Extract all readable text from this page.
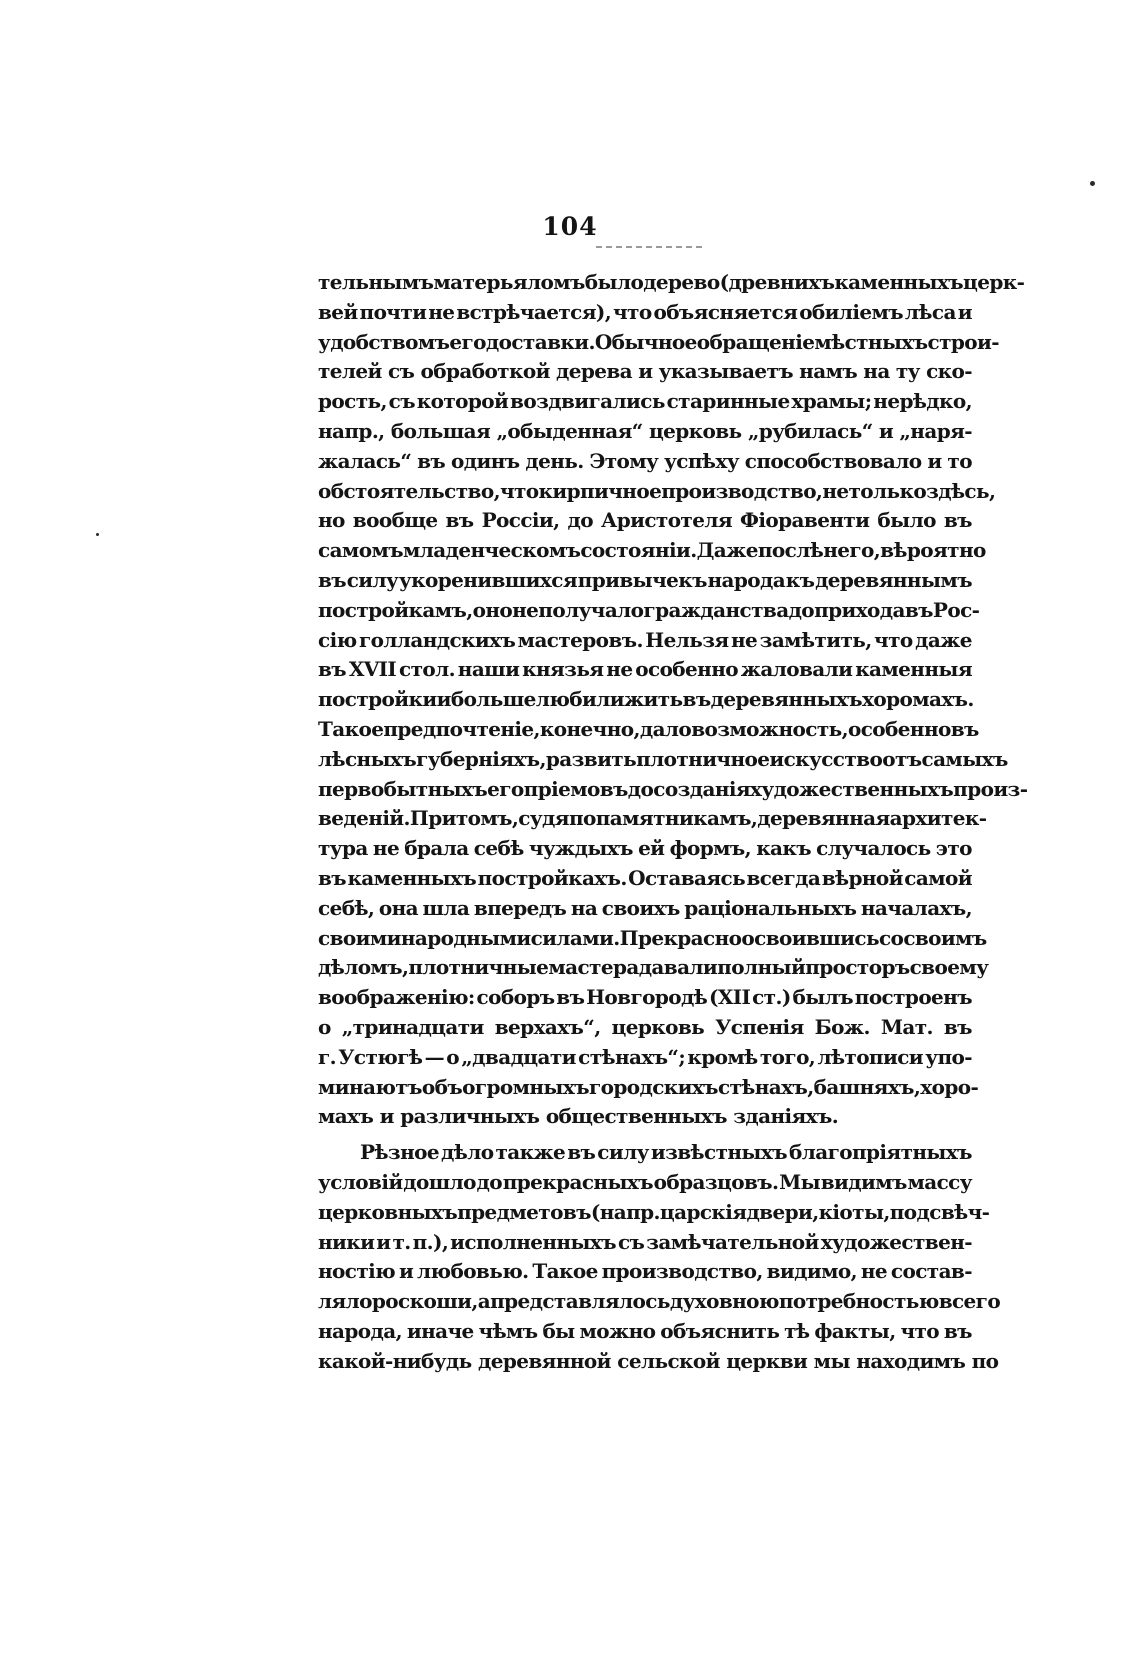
104
тельнымъ матерьяломъ было дерево (древнихъ каменныхъ церк-
вей почти не встрѣчается), что объясняется обиліемъ лѣса и
удобствомъ его доставки. Обычное обращеніе мѣстныхъ строи-
телей съ обработкой дерева и указываетъ намъ на ту ско-
рость, съ которой воздвигались старинные храмы; нерѣдко,
напр., большая „обыденная“ церковь „рубилась“ и „наря-
жалась“ въ одинъ день. Этому успѣху способствовало и то
обстоятельство, что кирпичное производство, не только здѣсь,
но вообще въ Россіи, до Аристотеля Фіоравенти было въ
самомъ младенческомъ состояніи. Даже послѣ него, вѣроятно
въ силу укоренившихся привычекъ народа къ деревяннымъ
постройкамъ, оно не получало гражданства до прихода въ Рос-
сію голландскихъ мастеровъ. Нельзя не замѣтить, что даже
въ XVII стол. наши князья не особенно жаловали каменныя
постройки и больше любили жить въ деревянныхъ хоромахъ.
Такое предпочтеніе, конечно, дало возможность, особенно въ
лѣсныхъ губерніяхъ, развить плотничное искусство отъ самыхъ
первобытныхъ его пріемовъ до созданія художественныхъ произ-
веденій. Притомъ, судя по памятникамъ, деревянная архитек-
тура не брала себѣ чуждыхъ ей формъ, какъ случалось это
въ каменныхъ постройкахъ. Оставаясь всегда вѣрной самой
себѣ, она шла впередъ на своихъ раціональныхъ началахъ,
своими народными силами. Прекрасно освоившись со своимъ
дѣломъ, плотничные мастера давали полный просторъ своему
воображенію: соборъ въ Новгородѣ (XII ст.) былъ построенъ
о „тринадцати верхахъ“, церковь Успенія Бож. Мат. въ
г. Устюгѣ — о „двадцати стѣнахъ“; кромѣ того, лѣтописи упо-
минаютъ объ огромныхъ городскихъ стѣнахъ, башняхъ, хоро-
махъ
и
различныхъ
общественныхъ
зданіяхъ.

Рѣзное дѣло также въ силу извѣстныхъ благопріятныхъ
условій дошло до прекрасныхъ образцовъ. Мы видимъ массу
церковныхъ предметовъ (напр. царскія двери, кіоты, подсвѣч-
ники и т. п.), исполненныхъ съ замѣчательной художествен-
ностію и любовью. Такое производство, видимо, не состав-
ляло роскоши, а представлялось духовною потребностью всего
народа, иначе чѣмъ бы можно объяснить тѣ факты, что въ
какой-нибудь
деревянной
сельской
церкви
мы
находимъ
по
